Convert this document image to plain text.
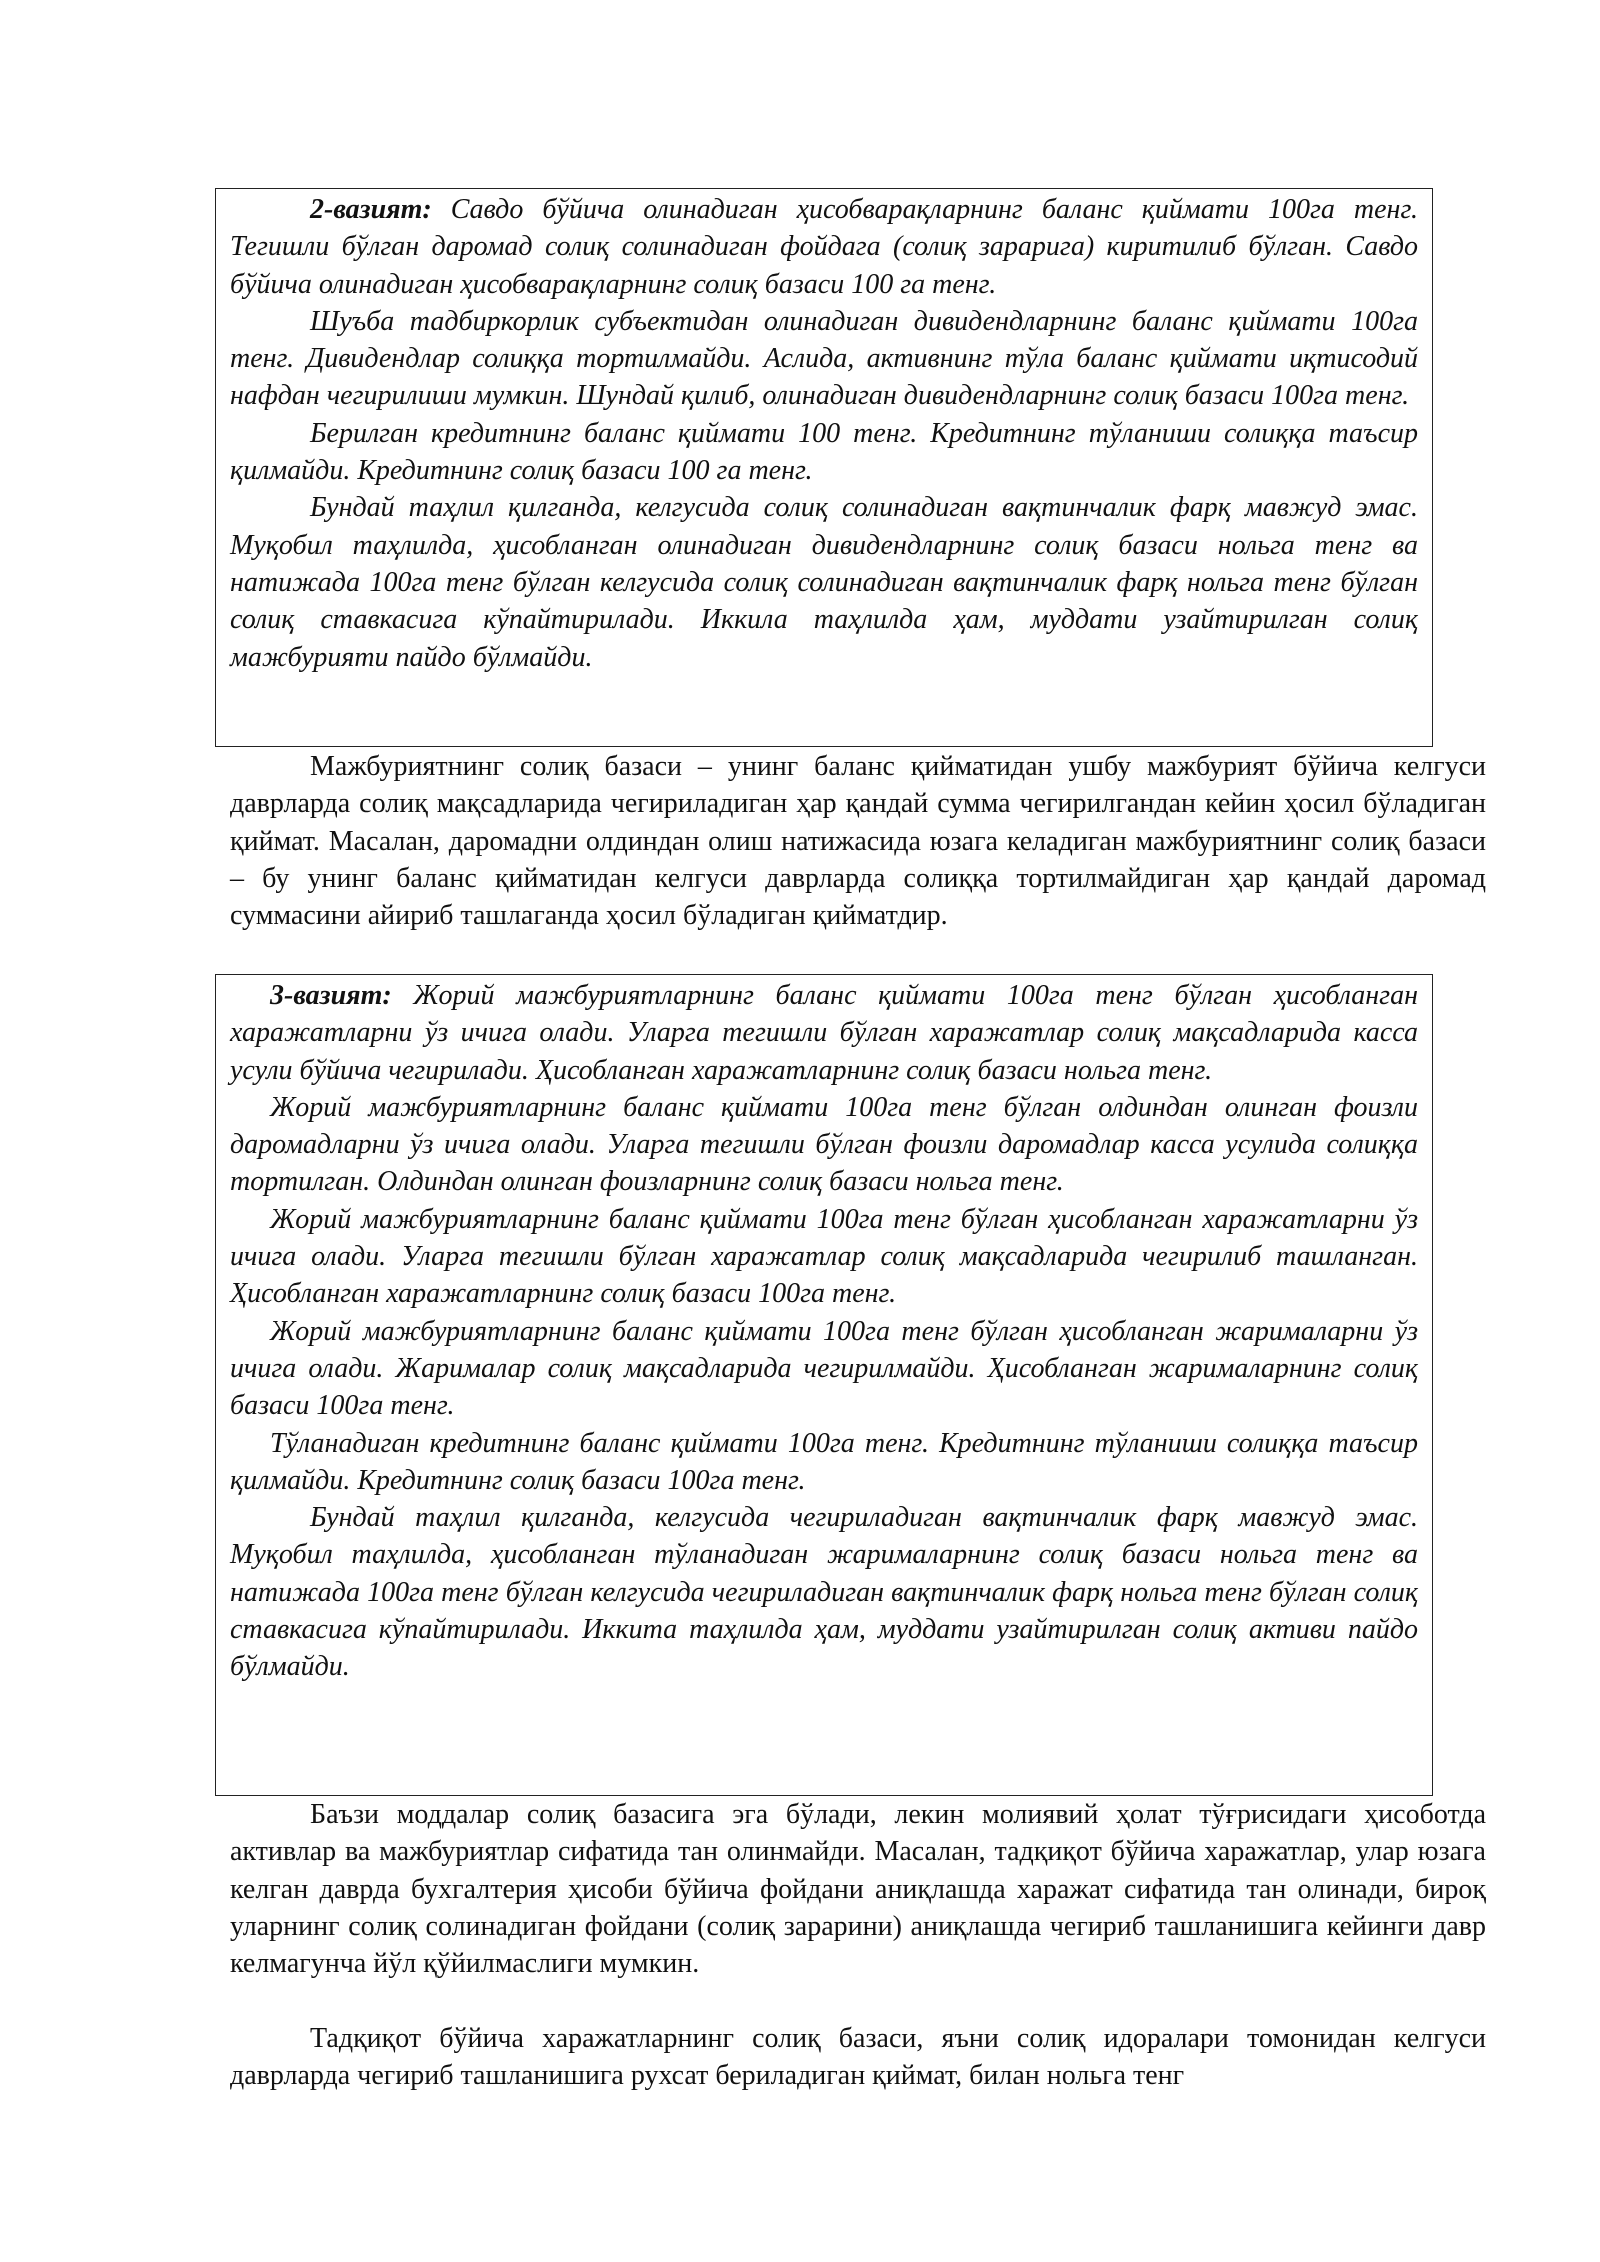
2-вазият: Савдо бўйича олинадиган ҳисобварақларнинг баланс қиймати 100га тенг. Тегишли бўлган даромад солиқ солинадиган фойдага (солиқ зарарига) киритилиб бўлган. Савдо бўйича олинадиган ҳисобварақларнинг солиқ базаси 100 га тенг.

Шуъба тадбиркорлик субъектидан олинадиган дивидендларнинг баланс қиймати 100га тенг. Дивидендлар солиққа тортилмайди. Аслида, активнинг тўла баланс қиймати иқтисодий нафдан чегирилиши мумкин. Шундай қилиб, олинадиган дивидендларнинг солиқ базаси 100га тенг.

Берилган кредитнинг баланс қиймати 100 тенг. Кредитнинг тўланиши солиққа таъсир қилмайди. Кредитнинг солиқ базаси 100 га тенг.

Бундай таҳлил қилганда, келгусида солиқ солинадиган вақтинчалик фарқ мавжуд эмас. Муқобил таҳлилда, ҳисобланган олинадиган дивидендларнинг солиқ базаси нольга тенг ва натижада 100га тенг бўлган келгусида солиқ солинадиган вақтинчалик фарқ нольга тенг бўлган солиқ ставкасига кўпайтирилади. Иккила таҳлилда ҳам, муддати узайтирилган солиқ мажбурияти пайдо бўлмайди.

Мажбуриятнинг солиқ базаси – унинг баланс қийматидан ушбу мажбурият бўйича келгуси даврларда солиқ мақсадларида чегириладиган ҳар қандай сумма чегирилгандан кейин ҳосил бўладиган қиймат. Масалан, даромадни олдиндан олиш натижасида юзага келадиган мажбуриятнинг солиқ базаси – бу унинг баланс қийматидан келгуси даврларда солиққа тортилмайдиган ҳар қандай даромад суммасини айириб ташлаганда ҳосил бўладиган қийматдир.

3-вазият: Жорий мажбуриятларнинг баланс қиймати 100га тенг бўлган ҳисобланган харажатларни ўз ичига олади. Уларга тегишли бўлган харажатлар солиқ мақсадларида касса усули бўйича чегирилади. Ҳисобланган харажатларнинг солиқ базаси нольга тенг.

Жорий мажбуриятларнинг баланс қиймати 100га тенг бўлган олдиндан олинган фоизли даромадларни ўз ичига олади. Уларга тегишли бўлган фоизли даромадлар касса усулида солиққа тортилган. Олдиндан олинган фоизларнинг солиқ базаси нольга тенг.

Жорий мажбуриятларнинг баланс қиймати 100га тенг бўлган ҳисобланган харажатларни ўз ичига олади. Уларга тегишли бўлган харажатлар солиқ мақсадларида чегирилиб ташланган. Ҳисобланган харажатларнинг солиқ базаси 100га тенг.

Жорий мажбуриятларнинг баланс қиймати 100га тенг бўлган ҳисобланган жарималарни ўз ичига олади. Жарималар солиқ мақсадларида чегирилмайди. Ҳисобланган жарималарнинг солиқ базаси 100га тенг.

Тўланадиган кредитнинг баланс қиймати 100га тенг. Кредитнинг тўланиши солиққа таъсир қилмайди. Кредитнинг солиқ базаси 100га тенг.

Бундай таҳлил қилганда, келгусида чегириладиган вақтинчалик фарқ мавжуд эмас. Муқобил таҳлилда, ҳисобланган тўланадиган жарималарнинг солиқ базаси нольга тенг ва натижада 100га тенг бўлган келгусида чегириладиган вақтинчалик фарқ нольга тенг бўлган солиқ ставкасига кўпайтирилади. Иккита таҳлилда ҳам, муддати узайтирилган солиқ активи пайдо бўлмайди.

Баъзи моддалар солиқ базасига эга бўлади, лекин молиявий ҳолат тўғрисидаги ҳисоботда активлар ва мажбуриятлар сифатида тан олинмайди. Масалан, тадқиқот бўйича харажатлар, улар юзага келган даврда бухгалтерия ҳисоби бўйича фойдани аниқлашда харажат сифатида тан олинади, бироқ уларнинг солиқ солинадиган фойдани (солиқ зарарини) аниқлашда чегириб ташланишига кейинги давр келмагунча йўл қўйилмаслиги мумкин.

Тадқиқот бўйича харажатларнинг солиқ базаси, яъни солиқ идоралари томонидан келгуси даврларда чегириб ташланишига рухсат бериладиган қиймат, билан нольга тенг
